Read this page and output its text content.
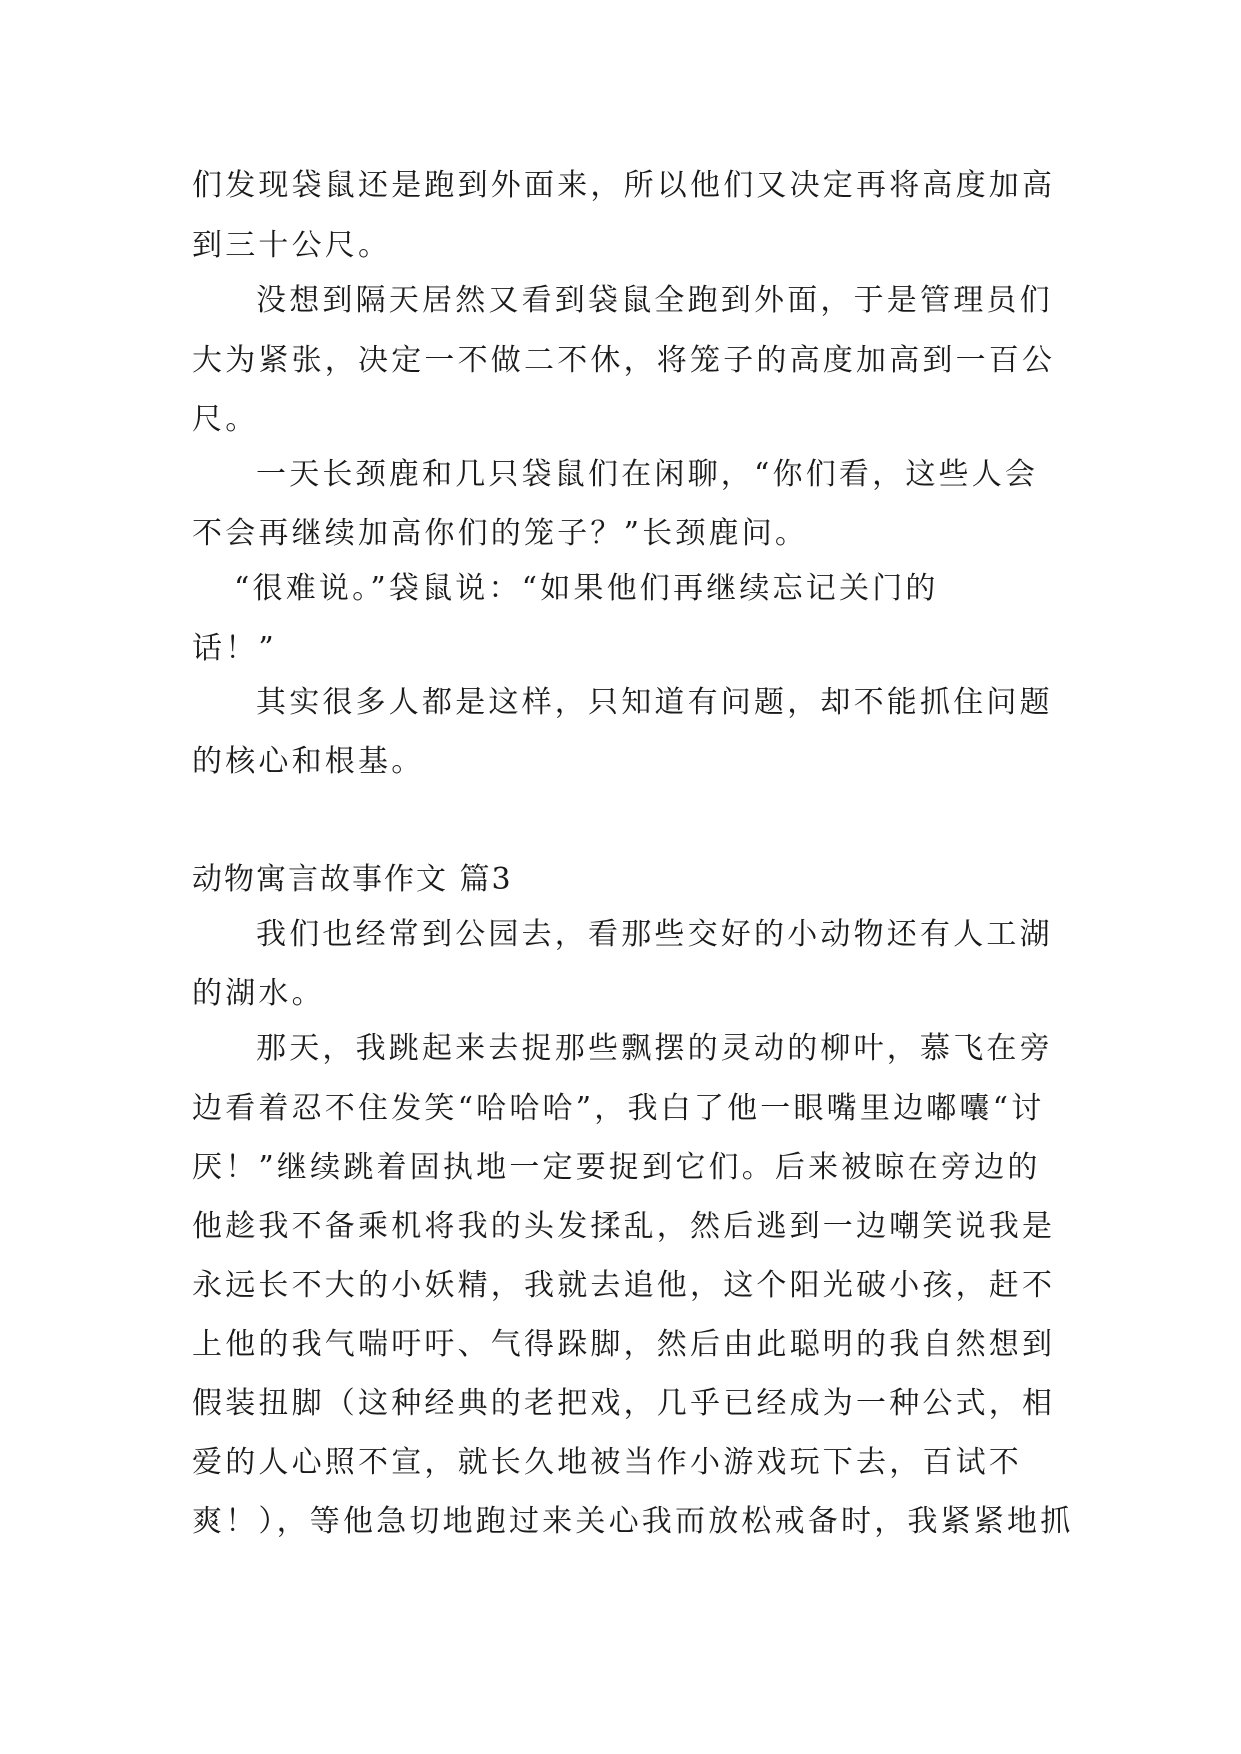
们发现袋鼠还是跑到外面来，所以他们又决定再将高度加高
到三十公尺。
没想到隔天居然又看到袋鼠全跑到外面，于是管理员们
大为紧张，决定一不做二不休，将笼子的高度加高到一百公
尺。
一天长颈鹿和几只袋鼠们在闲聊，“你们看，这些人会
不会再继续加高你们的笼子？”长颈鹿问。
“很难说。”袋鼠说：“如果他们再继续忘记关门的
话！”
其实很多人都是这样，只知道有问题，却不能抓住问题
的核心和根基。
动物寓言故事作文 篇3
我们也经常到公园去，看那些交好的小动物还有人工湖
的湖水。
那天，我跳起来去捉那些飘摆的灵动的柳叶，慕飞在旁
边看着忍不住发笑“哈哈哈”，我白了他一眼嘴里边嘟囔“讨
厌！”继续跳着固执地一定要捉到它们。后来被晾在旁边的
他趁我不备乘机将我的头发揉乱，然后逃到一边嘲笑说我是
永远长不大的小妖精，我就去追他，这个阳光破小孩，赶不
上他的我气喘吁吁、气得跺脚，然后由此聪明的我自然想到
假装扭脚（这种经典的老把戏，几乎已经成为一种公式，相
爱的人心照不宣，就长久地被当作小游戏玩下去，百试不
爽！），等他急切地跑过来关心我而放松戒备时，我紧紧地抓
